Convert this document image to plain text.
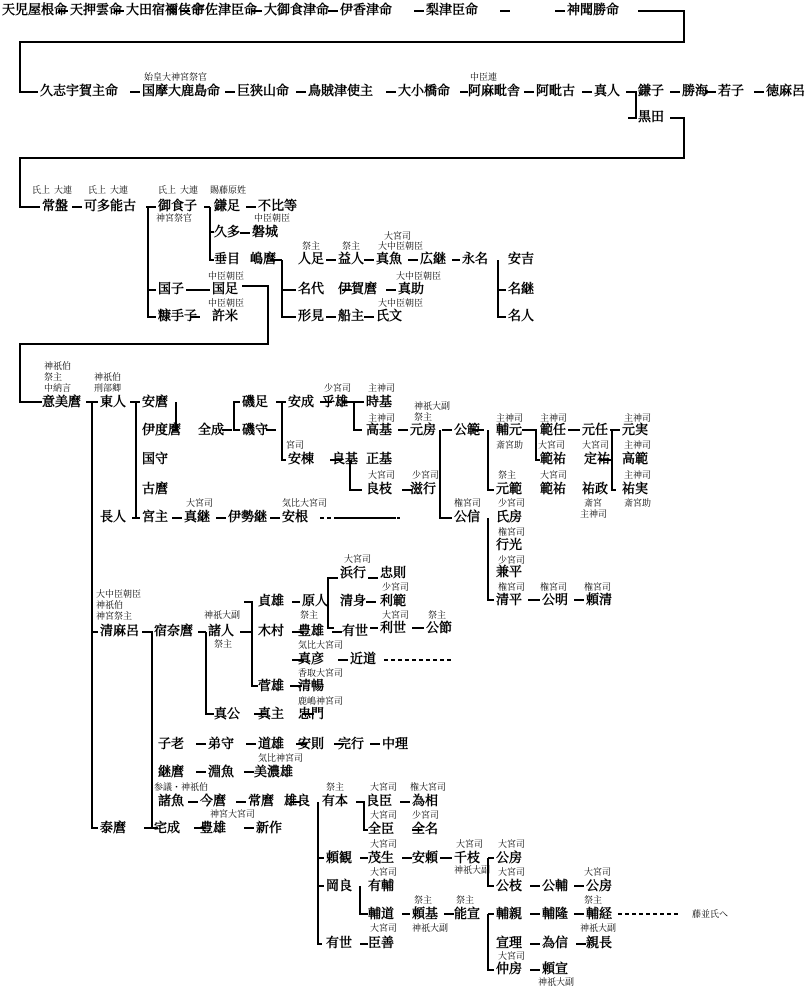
天児屋根命 天押雲命 大田宿禰伎命
宇佐津臣命 大御食津命 伊香津命	梨津臣命	神聞勝命
久志宇賀主命
始皇大神宮祭官
国摩大鹿島命 巨狭山命 鳥賊津使主 大小橋命
中臣連
阿麻毗舎 阿毗古 真人 鎌子 勝海 若子 徳麻呂
黒田
氏上 大連
常盤
氏上 大連
可多能古
氏上 大連
御食子
神宮祭官
賜藤原姓
鎌足 不比等
久多
中臣朝臣
磐城
垂目 嶋麿
祭主
人足
祭主
益人
大宮司
大中臣朝臣
真魚 広継 永名 安吉
名継
名人
名代 伊賀麿
大中臣朝臣
真助
国子
中臣朝臣
国足
形見 船主
大中臣朝臣
氏文
糠手子
中臣朝臣
許米
神祇伯
祭主
中納言
意美麿
神祇伯
刑部卿
東人 安麿	磯足 安成
少宮司
乎雄
主神司
時基
伊度麿 全成 磯守
主神司
高基
神祇大副
祭主
元房 公範
主神司
輔元
斎宮助
主神司
範任 元任
主神司
元実
宮司
安棟 良基 正基
大宮司
範祐
大宮司
定祐
主神司
高範
国守
大宮司
良枝
少宮司
滋行
古麿
祭主
元範
大宮司
範祐 祐政
斎宮
主神司
主神司
祐実
斎宮助
長人 宮主
大宮司
真継 伊勢継
気比大宮司
安根
権宮司
公信
少宮司
氏房
権宮司
行光
少宮司
兼平
権宮司
清平
権宮司
公明
権宮司
頼清
大宮司
浜行 忠則
貞雄 原人 清身
少宮司
利範
大宮司
利世
祭主
公節
大中臣朝臣
神祇伯
神宮祭主
清麻呂 宿奈麿
神祇大副
諸人
祭主
木村
祭主
豊雄 有世
気比大宮司
真彦 近道
香取大宮司
菅雄 清暢
鹿嶋神宮司
真公 真主 忠門
子老 弟守 道雄 安則 完行 中理
気比神宮司
継麿 淵魚 美濃雄
参議・神祇伯
諸魚 今麿 常麿 雄良
祭主
有本
大宮司
良臣
権大宮司
為相
大宮司
全臣
少宮司
全名
泰麿 宅成
神宮大宮司
豊雄 新作
頼観
大宮司
茂生 安頼
大宮司
千枝
神祇大副
大宮司
公房
岡良
大宮司
有輔
大宮司
公枝 公輔
大宮司
公房
輔道
祭主
頼基
祭主
能宣 輔親 輔隆
祭主
輔経
神祇大副
藤並氏へ
有世
大宮司
臣善
神祇大副
宣理 為信 親長
大宮司
仲房 頼宣
神祇大副
